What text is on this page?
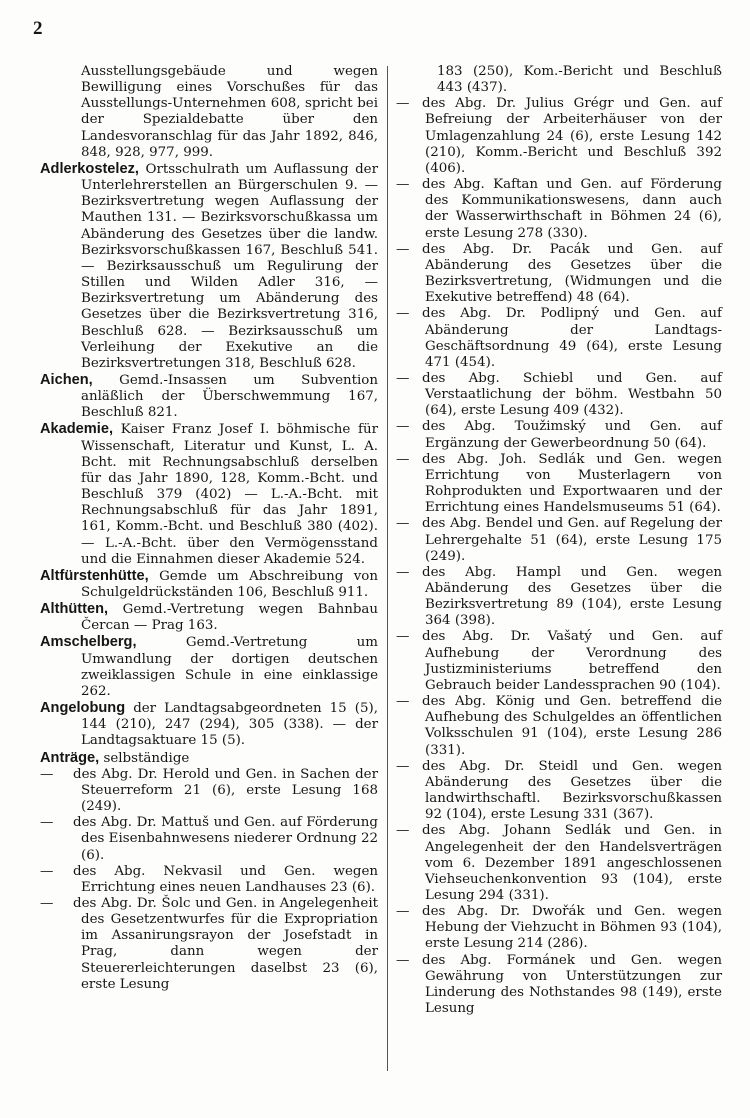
2

Ausstellungsgebäude und wegen Bewilligung eines Vorschußes für das Ausstellungs-Unternehmen 608, spricht bei der Spezialdebatte über den Landesvoranschlag für das Jahr 1892, 846, 848, 928, 977, 999.

Adlerkostelez, Ortsschulrath um Auflassung der Unterlehrerstellen an Bürgerschulen 9. — Bezirksvertretung wegen Auflassung der Mauthen 131. — Bezirksvorschußkassa um Abänderung des Gesetzes über die landw. Bezirksvorschußkassen 167, Beschluß 541. — Bezirksausschuß um Regulirung der Stillen und Wilden Adler 316, — Bezirksvertretung um Abänderung des Gesetzes über die Bezirksvertretung 316, Beschluß 628. — Bezirksausschuß um Verleihung der Exekutive an die Bezirksvertretungen 318, Beschluß 628.

Aichen, Gemd.-Insassen um Subvention anläßlich der Überschwemmung 167, Beschluß 821.

Akademie, Kaiser Franz Josef I. böhmische für Wissenschaft, Literatur und Kunst, L. A. Bcht. mit Rechnungsabschluß derselben für das Jahr 1890, 128, Komm.-Bcht. und Beschluß 379 (402) — L.-A.-Bcht. mit Rechnungsabschluß für das Jahr 1891, 161, Komm.-Bcht. und Beschluß 380 (402). — L.-A.-Bcht. über den Vermögensstand und die Einnahmen dieser Akademie 524.

Altfürstenhütte, Gemde um Abschreibung von Schulgeldrückständen 106, Beschluß 911.

Althütten, Gemd.-Vertretung wegen Bahnbau Čercan — Prag 163.

Amschelberg, Gemd.-Vertretung um Umwandlung der dortigen deutschen zweiklassigen Schule in eine einklassige 262.

Angelobung der Landtagsabgeordneten 15 (5), 144 (210), 247 (294), 305 (338). — der Landtagsaktuare 15 (5).

Anträge, selbständige

— des Abg. Dr. Herold und Gen. in Sachen der Steuerreform 21 (6), erste Lesung 168 (249).

— des Abg. Dr. Mattuš und Gen. auf Förderung des Eisenbahnwesens niederer Ordnung 22 (6).

— des Abg. Nekvasil und Gen. wegen Errichtung eines neuen Landhauses 23 (6).

— des Abg. Dr. Šolc und Gen. in Angelegenheit des Gesetzentwurfes für die Expropriation im Assanirungsrayon der Josefstadt in Prag, dann wegen der Steuererleichterungen daselbst 23 (6), erste Lesung

183 (250), Kom.-Bericht und Beschluß 443 (437).

— des Abg. Dr. Julius Grégr und Gen. auf Befreiung der Arbeiterhäuser von der Umlagenzahlung 24 (6), erste Lesung 142 (210), Komm.-Bericht und Beschluß 392 (406).

— des Abg. Kaftan und Gen. auf Förderung des Kommunikationswesens, dann auch der Wasserwirthschaft in Böhmen 24 (6), erste Lesung 278 (330).

— des Abg. Dr. Pacák und Gen. auf Abänderung des Gesetzes über die Bezirksvertretung, (Widmungen und die Exekutive betreffend) 48 (64).

— des Abg. Dr. Podlipný und Gen. auf Abänderung der Landtags-Geschäftsordnung 49 (64), erste Lesung 471 (454).

— des Abg. Schiebl und Gen. auf Verstaatlichung der böhm. Westbahn 50 (64), erste Lesung 409 (432).

— des Abg. Toužimský und Gen. auf Ergänzung der Gewerbeordnung 50 (64).

— des Abg. Joh. Sedlák und Gen. wegen Errichtung von Musterlagern von Rohprodukten und Exportwaaren und der Errichtung eines Handelsmuseums 51 (64).

— des Abg. Bendel und Gen. auf Regelung der Lehrergehalte 51 (64), erste Lesung 175 (249).

— des Abg. Hampl und Gen. wegen Abänderung des Gesetzes über die Bezirksvertretung 89 (104), erste Lesung 364 (398).

— des Abg. Dr. Vašatý und Gen. auf Aufhebung der Verordnung des Justizministeriums betreffend den Gebrauch beider Landessprachen 90 (104).

— des Abg. König und Gen. betreffend die Aufhebung des Schulgeldes an öffentlichen Volksschulen 91 (104), erste Lesung 286 (331).

— des Abg. Dr. Steidl und Gen. wegen Abänderung des Gesetzes über die landwirthschaftl. Bezirksvorschußkassen 92 (104), erste Lesung 331 (367).

— des Abg. Johann Sedlák und Gen. in Angelegenheit der den Handelsverträgen vom 6. Dezember 1891 angeschlossenen Viehseuchenkonvention 93 (104), erste Lesung 294 (331).

— des Abg. Dr. Dwořák und Gen. wegen Hebung der Viehzucht in Böhmen 93 (104), erste Lesung 214 (286).

— des Abg. Formánek und Gen. wegen Gewährung von Unterstützungen zur Linderung des Nothstandes 98 (149), erste Lesung
